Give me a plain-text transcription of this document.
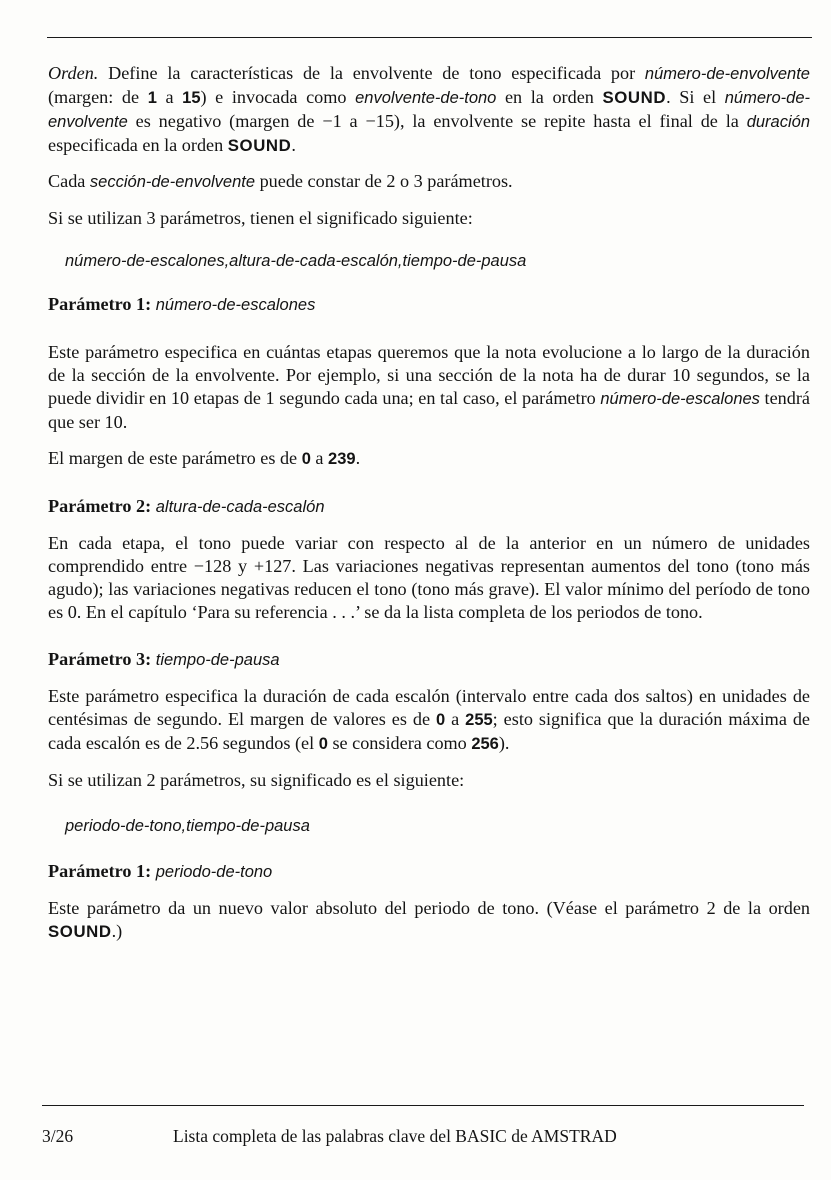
Orden. Define la características de la envolvente de tono especificada por número-de-envolvente (margen: de 1 a 15) e invocada como envolvente-de-tono en la orden SOUND. Si el número-de-envolvente es negativo (margen de −1 a −15), la envolvente se repite hasta el final de la duración especificada en la orden SOUND.

Cada sección-de-envolvente puede constar de 2 o 3 parámetros.

Si se utilizan 3 parámetros, tienen el significado siguiente:

número-de-escalones,altura-de-cada-escalón,tiempo-de-pausa
Parámetro 1: número-de-escalones

Este parámetro especifica en cuántas etapas queremos que la nota evolucione a lo largo de la duración de la sección de la envolvente. Por ejemplo, si una sección de la nota ha de durar 10 segundos, se la puede dividir en 10 etapas de 1 segundo cada una; en tal caso, el parámetro número-de-escalones tendrá que ser 10.

El margen de este parámetro es de 0 a 239.

Parámetro 2: altura-de-cada-escalón

En cada etapa, el tono puede variar con respecto al de la anterior en un número de unidades comprendido entre −128 y +127. Las variaciones negativas representan aumentos del tono (tono más agudo); las variaciones negativas reducen el tono (tono más grave). El valor mínimo del período de tono es 0. En el capítulo ‘Para su referencia . . .’ se da la lista completa de los periodos de tono.

Parámetro 3: tiempo-de-pausa

Este parámetro especifica la duración de cada escalón (intervalo entre cada dos saltos) en unidades de centésimas de segundo. El margen de valores es de 0 a 255; esto significa que la duración máxima de cada escalón es de 2.56 segundos (el 0 se considera como 256).

Si se utilizan 2 parámetros, su significado es el siguiente:

periodo-de-tono,tiempo-de-pausa
Parámetro 1: periodo-de-tono

Este parámetro da un nuevo valor absoluto del periodo de tono. (Véase el parámetro 2 de la orden SOUND.)

3/26	Lista completa de las palabras clave del BASIC de AMSTRAD
